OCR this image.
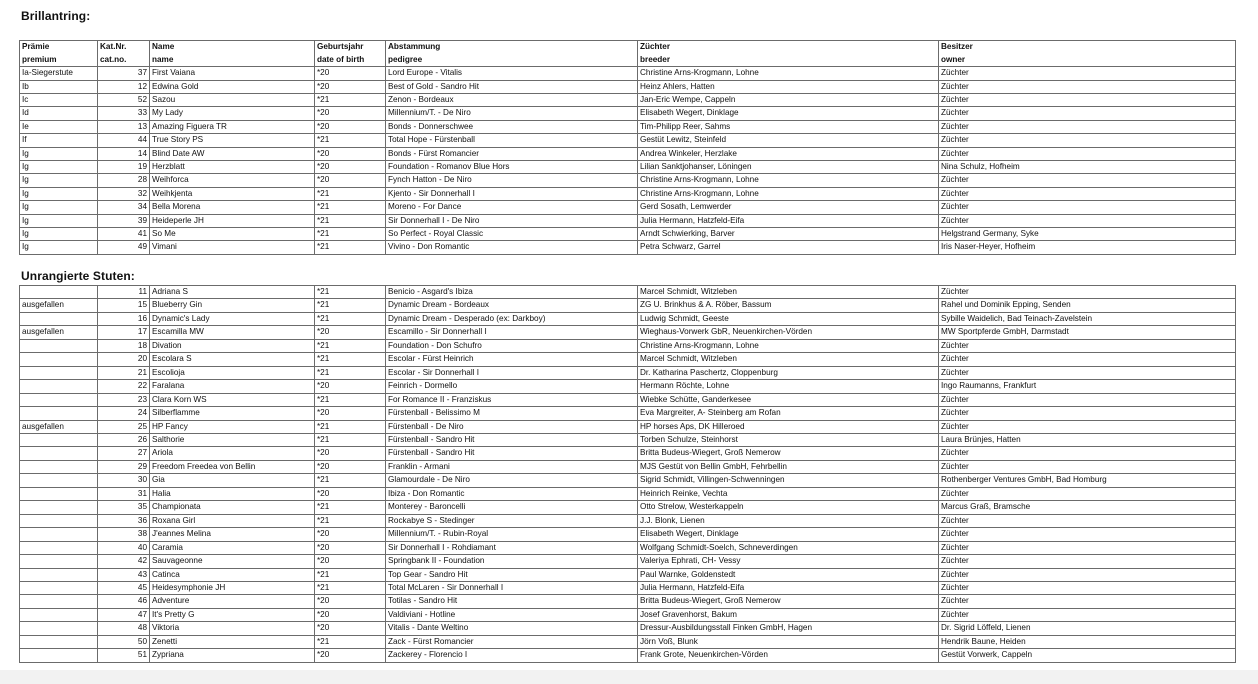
Brillantring:
Prämie	Kat.Nr.	Name	Geburtsjahr	Abstammung	Züchter	Besitzer
premium	cat.no.	name	date of birth	pedigree	breeder	owner
Ia-Siegerstute	37	First Vaiana	*20	Lord Europe - Vitalis	Christine Arns-Krogmann, Lohne	Züchter
Ib	12	Edwina Gold	*20	Best of Gold - Sandro Hit	Heinz Ahlers, Hatten	Züchter
Ic	52	Sazou	*21	Zenon - Bordeaux	Jan-Eric Wempe, Cappeln	Züchter
Id	33	My Lady	*20	Millennium/T. - De Niro	Elisabeth Wegert, Dinklage	Züchter
Ie	13	Amazing Figuera TR	*20	Bonds - Donnerschwee	Tim-Philipp Reer, Sahms	Züchter
If	44	True Story PS	*21	Total Hope - Fürstenball	Gestüt Lewitz, Steinfeld	Züchter
Ig	14	Blind Date AW	*20	Bonds - Fürst Romancier	Andrea Winkeler, Herzlake	Züchter
Ig	19	Herzblatt	*20	Foundation - Romanov Blue Hors	Lilian Sanktjohanser, Löningen	Nina Schulz, Hofheim
Ig	28	Weihforca	*20	Fynch Hatton - De Niro	Christine Arns-Krogmann, Lohne	Züchter
Ig	32	Weihkjenta	*21	Kjento - Sir Donnerhall I	Christine Arns-Krogmann, Lohne	Züchter
Ig	34	Bella Morena	*21	Moreno - For Dance	Gerd Sosath, Lemwerder	Züchter
Ig	39	Heideperle JH	*21	Sir Donnerhall I - De Niro	Julia Hermann, Hatzfeld-Eifa	Züchter
Ig	41	So Me	*21	So Perfect - Royal Classic	Arndt Schwierking, Barver	Helgstrand Germany, Syke
Ig	49	Vimani	*21	Vivino - Don Romantic	Petra Schwarz, Garrel	Iris Naser-Heyer, Hofheim
Unrangierte Stuten:
	11	Adriana S	*21	Benicio - Asgard's Ibiza	Marcel Schmidt, Witzleben	Züchter
ausgefallen	15	Blueberry Gin	*21	Dynamic Dream - Bordeaux	ZG U. Brinkhus & A. Röber, Bassum	Rahel und Dominik Epping, Senden
	16	Dynamic's Lady	*21	Dynamic Dream - Desperado (ex: Darkboy)	Ludwig Schmidt, Geeste	Sybille Waidelich, Bad Teinach-Zavelstein
ausgefallen	17	Escamilla MW	*20	Escamillo - Sir Donnerhall I	Wieghaus-Vorwerk GbR, Neuenkirchen-Vörden	MW Sportpferde GmbH, Darmstadt
	18	Divation	*21	Foundation - Don Schufro	Christine Arns-Krogmann, Lohne	Züchter
	20	Escolara S	*21	Escolar - Fürst Heinrich	Marcel Schmidt, Witzleben	Züchter
	21	Escolioja	*21	Escolar - Sir Donnerhall I	Dr. Katharina Paschertz, Cloppenburg	Züchter
	22	Faralana	*20	Feinrich - Dormello	Hermann Röchte, Lohne	Ingo Raumanns, Frankfurt
	23	Clara Korn WS	*21	For Romance II - Franziskus	Wiebke Schütte, Ganderkesee	Züchter
	24	Silberflamme	*20	Fürstenball - Belissimo M	Eva Margreiter, A- Steinberg am Rofan	Züchter
ausgefallen	25	HP Fancy	*21	Fürstenball - De Niro	HP horses Aps, DK Hilleroed	Züchter
	26	Salthorie	*21	Fürstenball - Sandro Hit	Torben Schulze, Steinhorst	Laura Brünjes, Hatten
	27	Ariola	*20	Fürstenball - Sandro Hit	Britta Budeus-Wiegert, Groß Nemerow	Züchter
	29	Freedom Freedea von Bellin	*20	Franklin - Armani	MJS Gestüt von Bellin GmbH, Fehrbellin	Züchter
	30	Gia	*21	Glamourdale - De Niro	Sigrid Schmidt, Villingen-Schwenningen	Rothenberger Ventures GmbH, Bad Homburg
	31	Halia	*20	Ibiza - Don Romantic	Heinrich Reinke, Vechta	Züchter
	35	Championata	*21	Monterey - Baroncelli	Otto Strelow, Westerkappeln	Marcus Graß, Bramsche
	36	Roxana Girl	*21	Rockabye S - Stedinger	J.J. Blonk, Lienen	Züchter
	38	J'eannes Melina	*20	Millennium/T. - Rubin-Royal	Elisabeth Wegert, Dinklage	Züchter
	40	Caramia	*20	Sir Donnerhall I - Rohdiamant	Wolfgang Schmidt-Soelch, Schneverdingen	Züchter
	42	Sauvageonne	*20	Springbank II - Foundation	Valeriya Ephrati, CH- Vessy	Züchter
	43	Catinca	*21	Top Gear - Sandro Hit	Paul Warnke, Goldenstedt	Züchter
	45	Heidesymphonie JH	*21	Total McLaren - Sir Donnerhall I	Julia Hermann, Hatzfeld-Eifa	Züchter
	46	Adventure	*20	Totilas - Sandro Hit	Britta Budeus-Wiegert, Groß Nemerow	Züchter
	47	It's Pretty G	*20	Valdiviani - Hotline	Josef Gravenhorst, Bakum	Züchter
	48	Viktoria	*20	Vitalis - Dante Weltino	Dressur-Ausbildungsstall Finken GmbH, Hagen	Dr. Sigrid Löffeld, Lienen
	50	Zenetti	*21	Zack - Fürst Romancier	Jörn Voß, Blunk	Hendrik Baune, Heiden
	51	Zypriana	*20	Zackerey - Florencio I	Frank Grote, Neuenkirchen-Vörden	Gestüt Vorwerk, Cappeln
